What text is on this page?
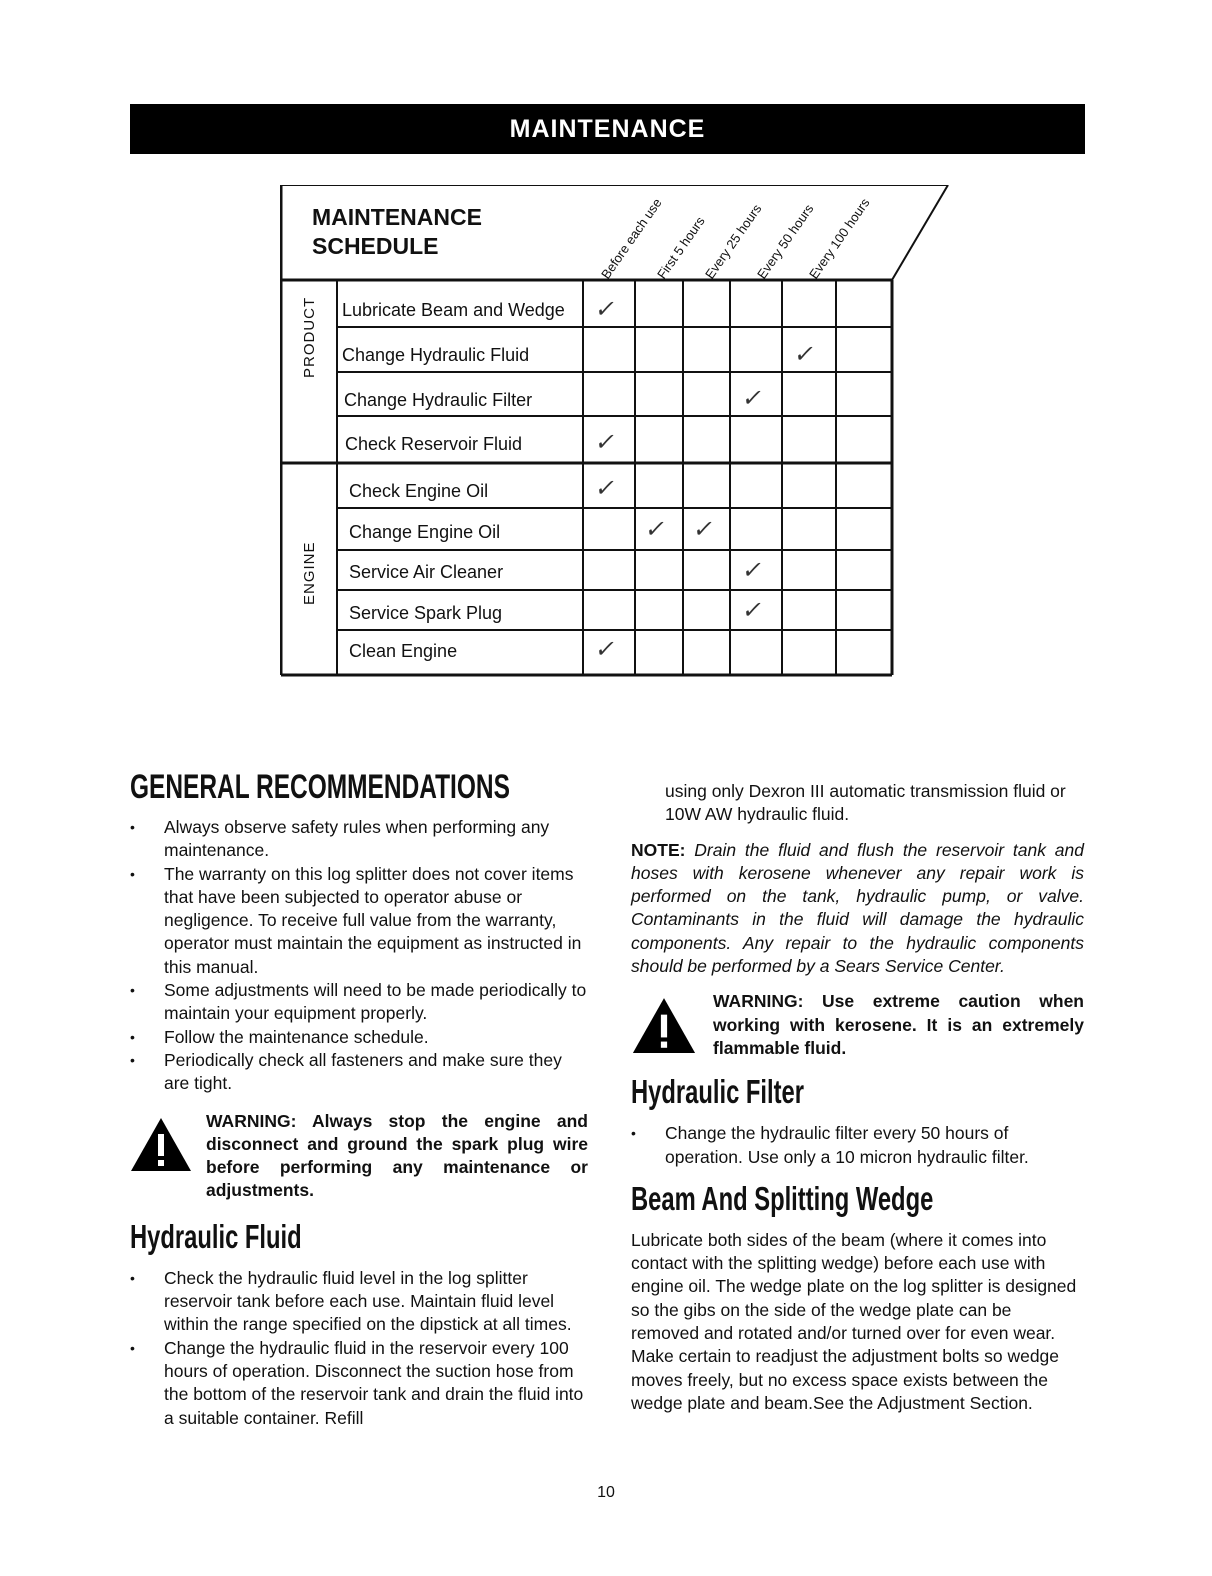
MAINTENANCE
MAINTENANCE
SCHEDULE	Before each use
First 5 hours
Every 25 hours
Every 50 hours
Every 100 hours
PRODUCT
ENGINE
Lubricate Beam and Wedge
Change Hydraulic Fluid
Change Hydraulic Filter
Check Reservoir Fluid
Check Engine Oil
Change Engine Oil
Service Air Cleaner
Service Spark Plug
Clean Engine
✓
✓
✓
✓
✓
✓ ✓
✓
✓
✓
GENERAL RECOMMENDATIONS
• Always observe safety rules when performing any maintenance.
• The warranty on this log splitter does not cover items that have been subjected to operator abuse or negligence. To receive full value from the warranty, operator must maintain the equipment as instructed in this manual.
• Some adjustments will need to be made periodically to maintain your equipment properly.
• Follow the maintenance schedule.
• Periodically check all fasteners and make sure they are tight.
WARNING: Always stop the engine and disconnect and ground the spark plug wire before performing any maintenance or adjustments.
Hydraulic Fluid
• Check the hydraulic fluid level in the log splitter reservoir tank before each use. Maintain fluid level within the range specified on the dipstick at all times.
• Change the hydraulic fluid in the reservoir every 100 hours of operation. Disconnect the suction hose from the bottom of the reservoir tank and drain the fluid into a suitable container. Refill

using only Dexron III automatic transmission fluid or 10W AW hydraulic fluid.

NOTE: Drain the fluid and flush the reservoir tank and hoses with kerosene whenever any repair work is performed on the tank, hydraulic pump, or valve. Contaminants in the fluid will damage the hydraulic components. Any repair to the hydraulic components should be performed by a Sears Service Center.

WARNING: Use extreme caution when working with kerosene. It is an extremely flammable fluid.
Hydraulic Filter
• Change the hydraulic filter every 50 hours of operation. Use only a 10 micron hydraulic filter.
Beam And Splitting Wedge

Lubricate both sides of the beam (where it comes into contact with the splitting wedge) before each use with engine oil. The wedge plate on the log splitter is designed so the gibs on the side of the wedge plate can be removed and rotated and/or turned over for even wear. Make certain to readjust the adjustment bolts so wedge moves freely, but no excess space exists between the wedge plate and beam.See the Adjustment Section.

10
